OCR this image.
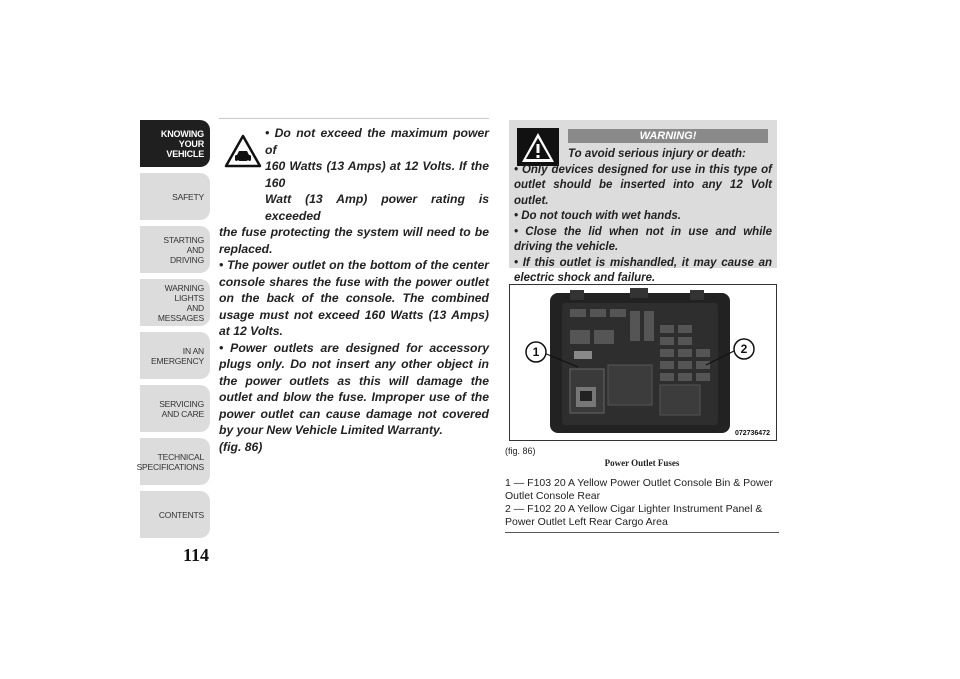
KNOWING
YOUR
VEHICLE
SAFETY
STARTING
AND
DRIVING
WARNING
LIGHTS
AND
MESSAGES
IN AN
EMERGENCY
SERVICING
AND CARE
TECHNICAL
SPECIFICATIONS
CONTENTS
114
• Do not exceed the maximum power of
160 Watts (13 Amps) at 12 Volts. If the 160
Watt (13 Amp) power rating is exceeded
the fuse protecting the system will need to be replaced.
• The power outlet on the bottom of the center console shares the fuse with the power outlet on the back of the console. The combined usage must not exceed 160 Watts (13 Amps) at 12 Volts.
• Power outlets are designed for accessory plugs only. Do not insert any other object in the power outlets as this will damage the outlet and blow the fuse. Improper use of the power outlet can cause damage not covered by your New Vehicle Limited Warranty.
(fig. 86)
WARNING!
To avoid serious injury or death:
• Only devices designed for use in this type of outlet should be inserted into any 12 Volt outlet.
• Do not touch with wet hands.
• Close the lid when not in use and while driving the vehicle.
• If this outlet is mishandled, it may cause an electric shock and failure.
1	2
072736472
(fig. 86)
Power Outlet Fuses
1 — F103 20 A Yellow Power Outlet Console Bin & Power Outlet Console Rear
2 — F102 20 A Yellow Cigar Lighter Instrument Panel & Power Outlet Left Rear Cargo Area
